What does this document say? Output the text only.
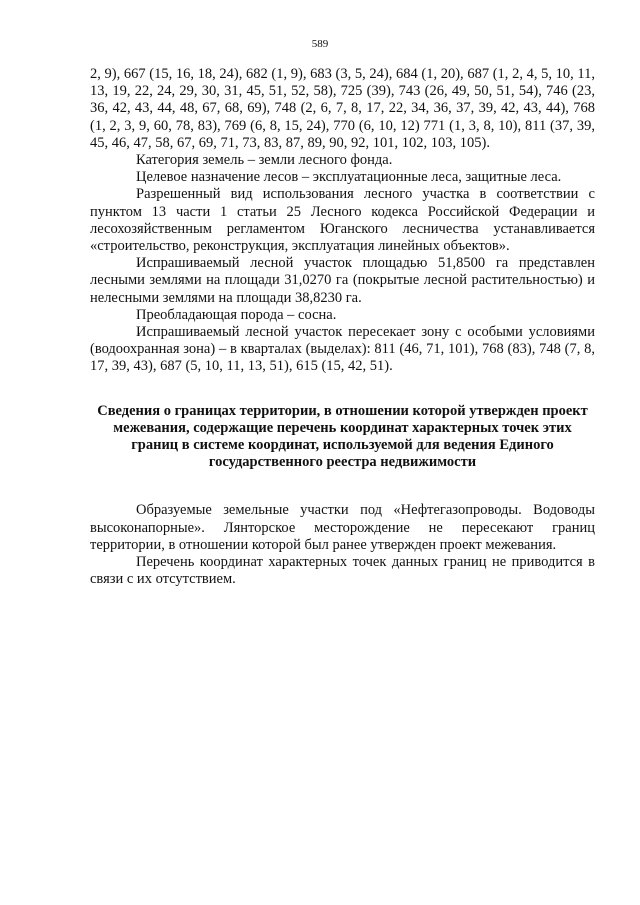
589

2, 9), 667 (15, 16, 18, 24), 682 (1, 9), 683 (3, 5, 24), 684 (1, 20), 687 (1, 2, 4, 5, 10, 11, 13, 19, 22, 24, 29, 30, 31, 45, 51, 52, 58), 725 (39), 743 (26, 49, 50, 51, 54), 746 (23, 36, 42, 43, 44, 48, 67, 68, 69), 748 (2, 6, 7, 8, 17, 22, 34, 36, 37, 39, 42, 43, 44), 768 (1, 2, 3, 9, 60, 78, 83), 769 (6, 8, 15, 24), 770 (6, 10, 12) 771 (1, 3, 8, 10), 811 (37, 39, 45, 46, 47, 58, 67, 69, 71, 73, 83, 87, 89, 90, 92, 101, 102, 103, 105).

Категория земель – земли лесного фонда.

Целевое назначение лесов – эксплуатационные леса, защитные леса.

Разрешенный вид использования лесного участка в соответствии с пунктом 13 части 1 статьи 25 Лесного кодекса Российской Федерации и лесохозяйственным регламентом Юганского лесничества устанавливается «строительство, реконструкция, эксплуатация линейных объектов».

Испрашиваемый лесной участок площадью 51,8500 га представлен лесными землями на площади 31,0270 га (покрытые лесной растительностью) и нелесными землями на площади 38,8230 га.

Преобладающая порода – сосна.

Испрашиваемый лесной участок пересекает зону с особыми условиями (водоохранная зона) – в кварталах (выделах): 811 (46, 71, 101), 768 (83), 748 (7, 8, 17, 39, 43), 687 (5, 10, 11, 13, 51), 615 (15, 42, 51).

Сведения о границах территории, в отношении которой утвержден проект межевания, содержащие перечень координат характерных точек этих границ в системе координат, используемой для ведения Единого государственного реестра недвижимости

Образуемые земельные участки под «Нефтегазопроводы. Водоводы высоконапорные». Лянторское месторождение не пересекают границ территории, в отношении которой был ранее утвержден проект межевания.

Перечень координат характерных точек данных границ не приводится в связи с их отсутствием.
